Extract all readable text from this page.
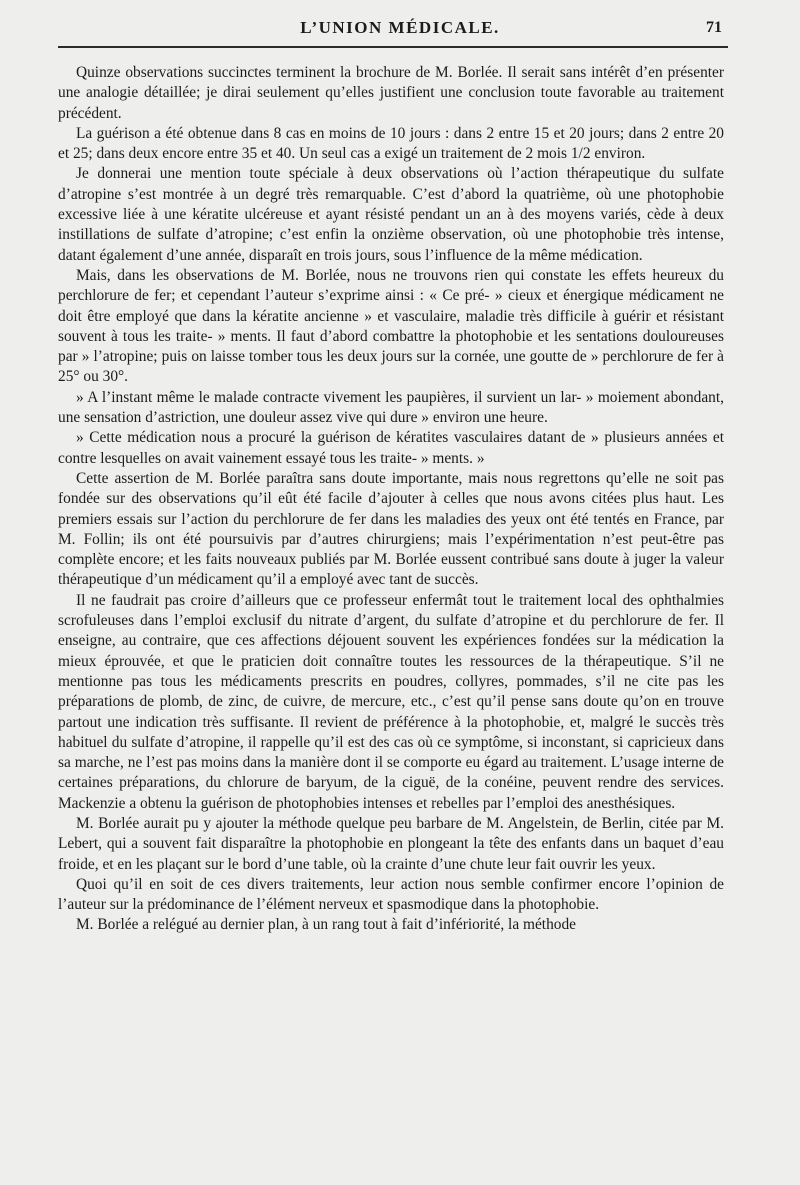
L’UNION MÉDICALE.	71

Quinze observations succinctes terminent la brochure de M. Borlée. Il serait sans intérêt d’en présenter une analogie détaillée; je dirai seulement qu’elles justifient une conclusion toute favorable au traitement précédent.

La guérison a été obtenue dans 8 cas en moins de 10 jours : dans 2 entre 15 et 20 jours; dans 2 entre 20 et 25; dans deux encore entre 35 et 40. Un seul cas a exigé un traitement de 2 mois 1/2 environ.

Je donnerai une mention toute spéciale à deux observations où l’action thérapeutique du sulfate d’atropine s’est montrée à un degré très remarquable. C’est d’abord la quatrième, où une photophobie excessive liée à une kératite ulcéreuse et ayant résisté pendant un an à des moyens variés, cède à deux instillations de sulfate d’atropine; c’est enfin la onzième observation, où une photophobie très intense, datant également d’une année, disparaît en trois jours, sous l’influence de la même médication.

Mais, dans les observations de M. Borlée, nous ne trouvons rien qui constate les effets heureux du perchlorure de fer; et cependant l’auteur s’exprime ainsi : « Ce pré- » cieux et énergique médicament ne doit être employé que dans la kératite ancienne » et vasculaire, maladie très difficile à guérir et résistant souvent à tous les traite- » ments. Il faut d’abord combattre la photophobie et les sentations douloureuses par » l’atropine; puis on laisse tomber tous les deux jours sur la cornée, une goutte de » perchlorure de fer à 25° ou 30°.

» A l’instant même le malade contracte vivement les paupières, il survient un lar- » moiement abondant, une sensation d’astriction, une douleur assez vive qui dure » environ une heure.

» Cette médication nous a procuré la guérison de kératites vasculaires datant de » plusieurs années et contre lesquelles on avait vainement essayé tous les traite- » ments. »

Cette assertion de M. Borlée paraîtra sans doute importante, mais nous regrettons qu’elle ne soit pas fondée sur des observations qu’il eût été facile d’ajouter à celles que nous avons citées plus haut. Les premiers essais sur l’action du perchlorure de fer dans les maladies des yeux ont été tentés en France, par M. Follin; ils ont été poursuivis par d’autres chirurgiens; mais l’expérimentation n’est peut-être pas complète encore; et les faits nouveaux publiés par M. Borlée eussent contribué sans doute à juger la valeur thérapeutique d’un médicament qu’il a employé avec tant de succès.

Il ne faudrait pas croire d’ailleurs que ce professeur enfermât tout le traitement local des ophthalmies scrofuleuses dans l’emploi exclusif du nitrate d’argent, du sulfate d’atropine et du perchlorure de fer. Il enseigne, au contraire, que ces affections déjouent souvent les expériences fondées sur la médication la mieux éprouvée, et que le praticien doit connaître toutes les ressources de la thérapeutique. S’il ne mentionne pas tous les médicaments prescrits en poudres, collyres, pommades, s’il ne cite pas les préparations de plomb, de zinc, de cuivre, de mercure, etc., c’est qu’il pense sans doute qu’on en trouve partout une indication très suffisante. Il revient de préférence à la photophobie, et, malgré le succès très habituel du sulfate d’atropine, il rappelle qu’il est des cas où ce symptôme, si inconstant, si capricieux dans sa marche, ne l’est pas moins dans la manière dont il se comporte eu égard au traitement. L’usage interne de certaines préparations, du chlorure de baryum, de la ciguë, de la conéine, peuvent rendre des services. Mackenzie a obtenu la guérison de photophobies intenses et rebelles par l’emploi des anesthésiques.

M. Borlée aurait pu y ajouter la méthode quelque peu barbare de M. Angelstein, de Berlin, citée par M. Lebert, qui a souvent fait disparaître la photophobie en plongeant la tête des enfants dans un baquet d’eau froide, et en les plaçant sur le bord d’une table, où la crainte d’une chute leur fait ouvrir les yeux.

Quoi qu’il en soit de ces divers traitements, leur action nous semble confirmer encore l’opinion de l’auteur sur la prédominance de l’élément nerveux et spasmodique dans la photophobie.

M. Borlée a relégué au dernier plan, à un rang tout à fait d’infériorité, la méthode
